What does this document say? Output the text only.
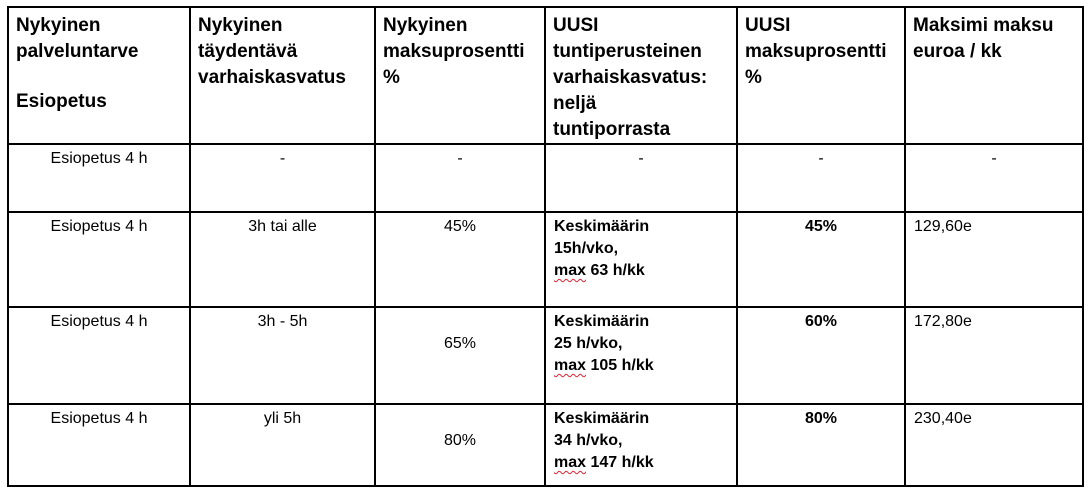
Nykyinen
palveluntarve
Esiopetus	Nykyinen
täydentävä
varhaiskasvatus	Nykyinen
maksuprosentti
%	UUSI
tuntiperusteinen
varhaiskasvatus:
neljä
tuntiporrasta	UUSI
maksuprosentti
%	Maksimi maksu
euroa / kk

Esiopetus 4 h	-	-	-	-	-
Esiopetus 4 h	3h tai alle	45%	Keskimäärin
15h/vko,
max 63 h/kk	45%	129,60e
Esiopetus 4 h	3h - 5h	65%	Keskimäärin
25 h/vko,
max 105 h/kk	60%	172,80e
Esiopetus 4 h	yli 5h	80%	Keskimäärin
34 h/vko,
max 147 h/kk	80%	230,40e
